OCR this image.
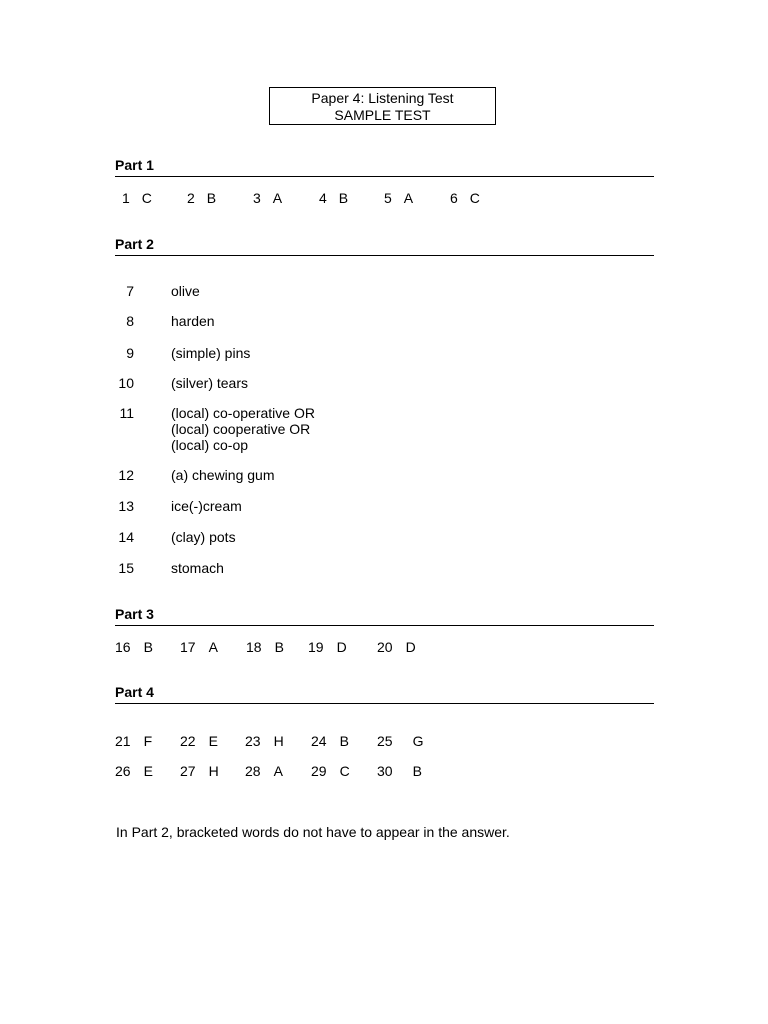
Paper 4: Listening Test
SAMPLE TEST
Part 1
1 C	2 B	3 A	4 B	5 A	6 C
Part 2
7	olive
8	harden
9	(simple) pins
10	(silver) tears
11	(local) co-operative OR
(local) cooperative OR
(local) co-op
12	(a) chewing gum
13	ice(-)cream
14	(clay) pots
15	stomach
Part 3
16 B 17 A 18 B 19 D 20 D
Part 4
21 F 22 E 23 H 24 B 25 G
26 E 27 H 28 A 29 C 30 B
In Part 2, bracketed words do not have to appear in the answer.
